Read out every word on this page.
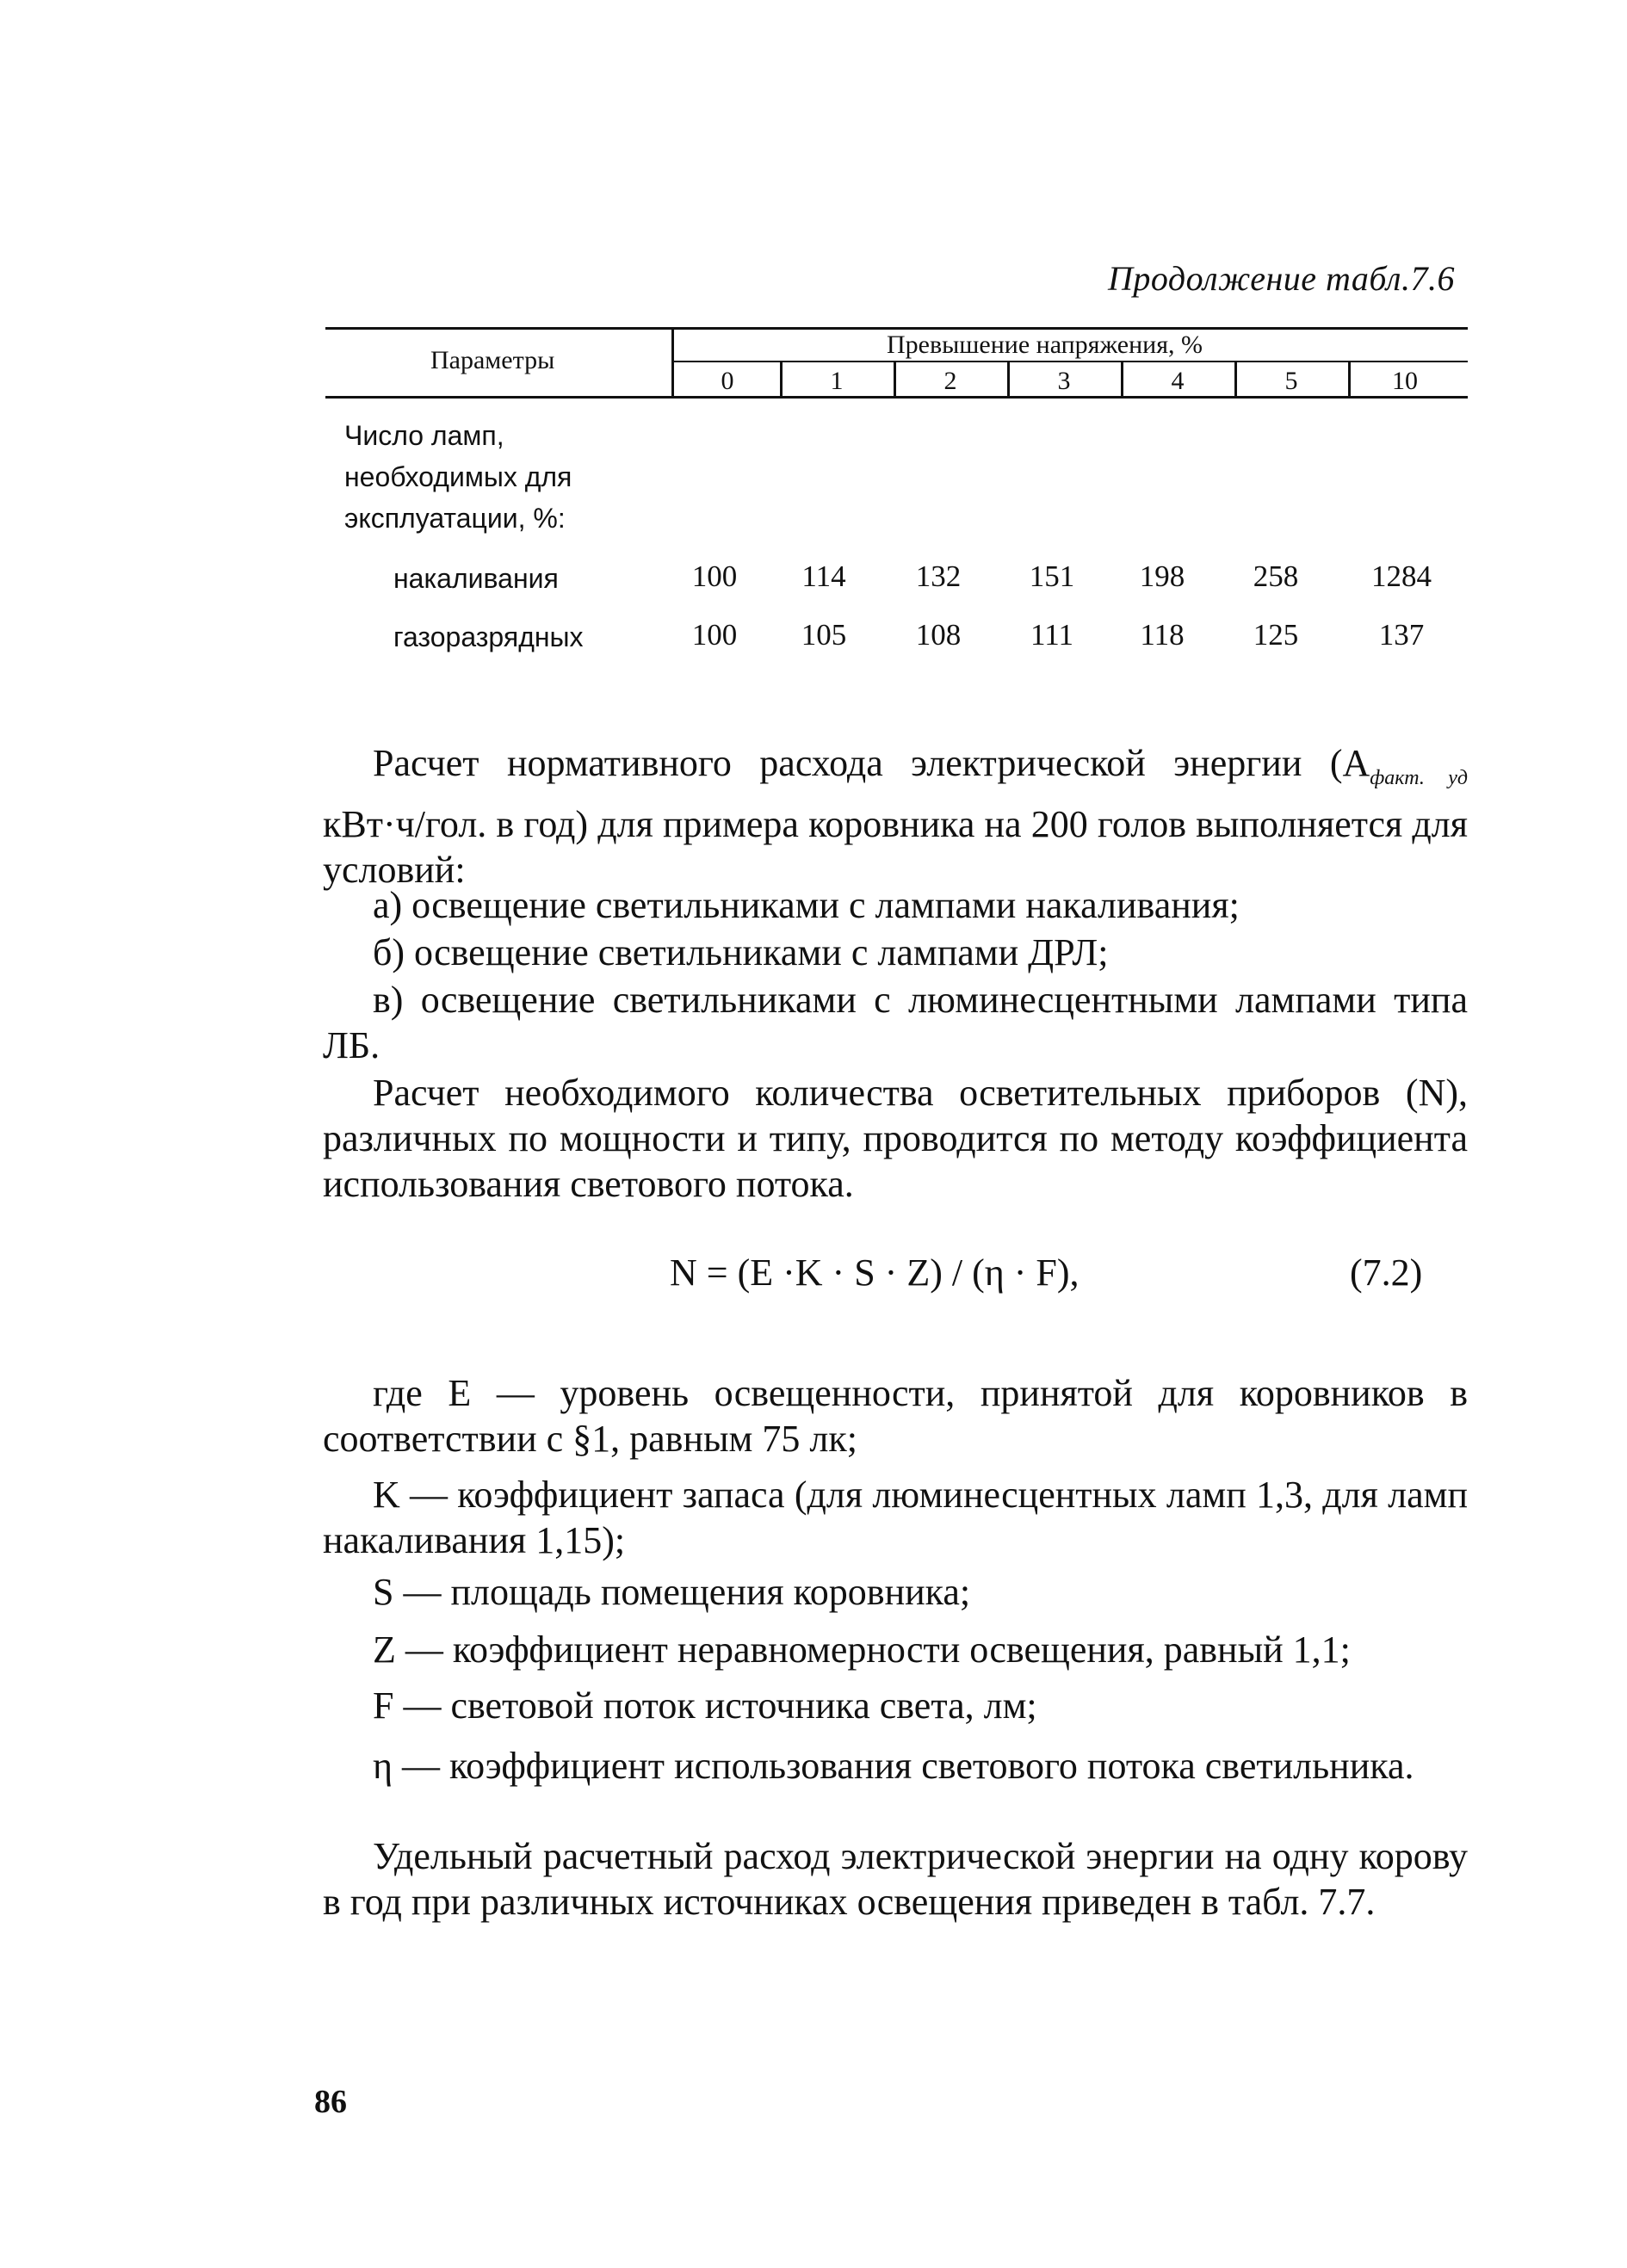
Продолжение табл.7.6
Параметры
Превышение напряжения, %
0	1	2	3	4	5	10
Число ламп, необходимых для эксплуатации, %:
накаливания	100	114	132	151	198	258	1284
газоразрядных	100	105	108	111	118	125	137
Расчет нормативного расхода электрической энергии ($A_{факт. уд}$ кВт·ч/гол. в год) для примера коровника на 200 голов выполняется для условий:
а) освещение светильниками с лампами накаливания;
б) освещение светильниками с лампами ДРЛ;
в) освещение светильниками с люминесцентными лампами типа ЛБ.
Расчет необходимого количества осветительных приборов (N), различных по мощности и типу, проводится по методу коэффициента использования светового потока.
N = (E ·K · S · Z) / (η · F),	(7.2)
где E — уровень освещенности, принятой для коровников в соответствии с §1, равным 75 лк;
K — коэффициент запаса (для люминесцентных ламп 1,3, для ламп накаливания 1,15);
S — площадь помещения коровника;
Z — коэффициент неравномерности освещения, равный 1,1;
F — световой поток источника света, лм;
η — коэффициент использования светового потока светильника.
Удельный расчетный расход электрической энергии на одну корову в год при различных источниках освещения приведен в табл. 7.7.
86
